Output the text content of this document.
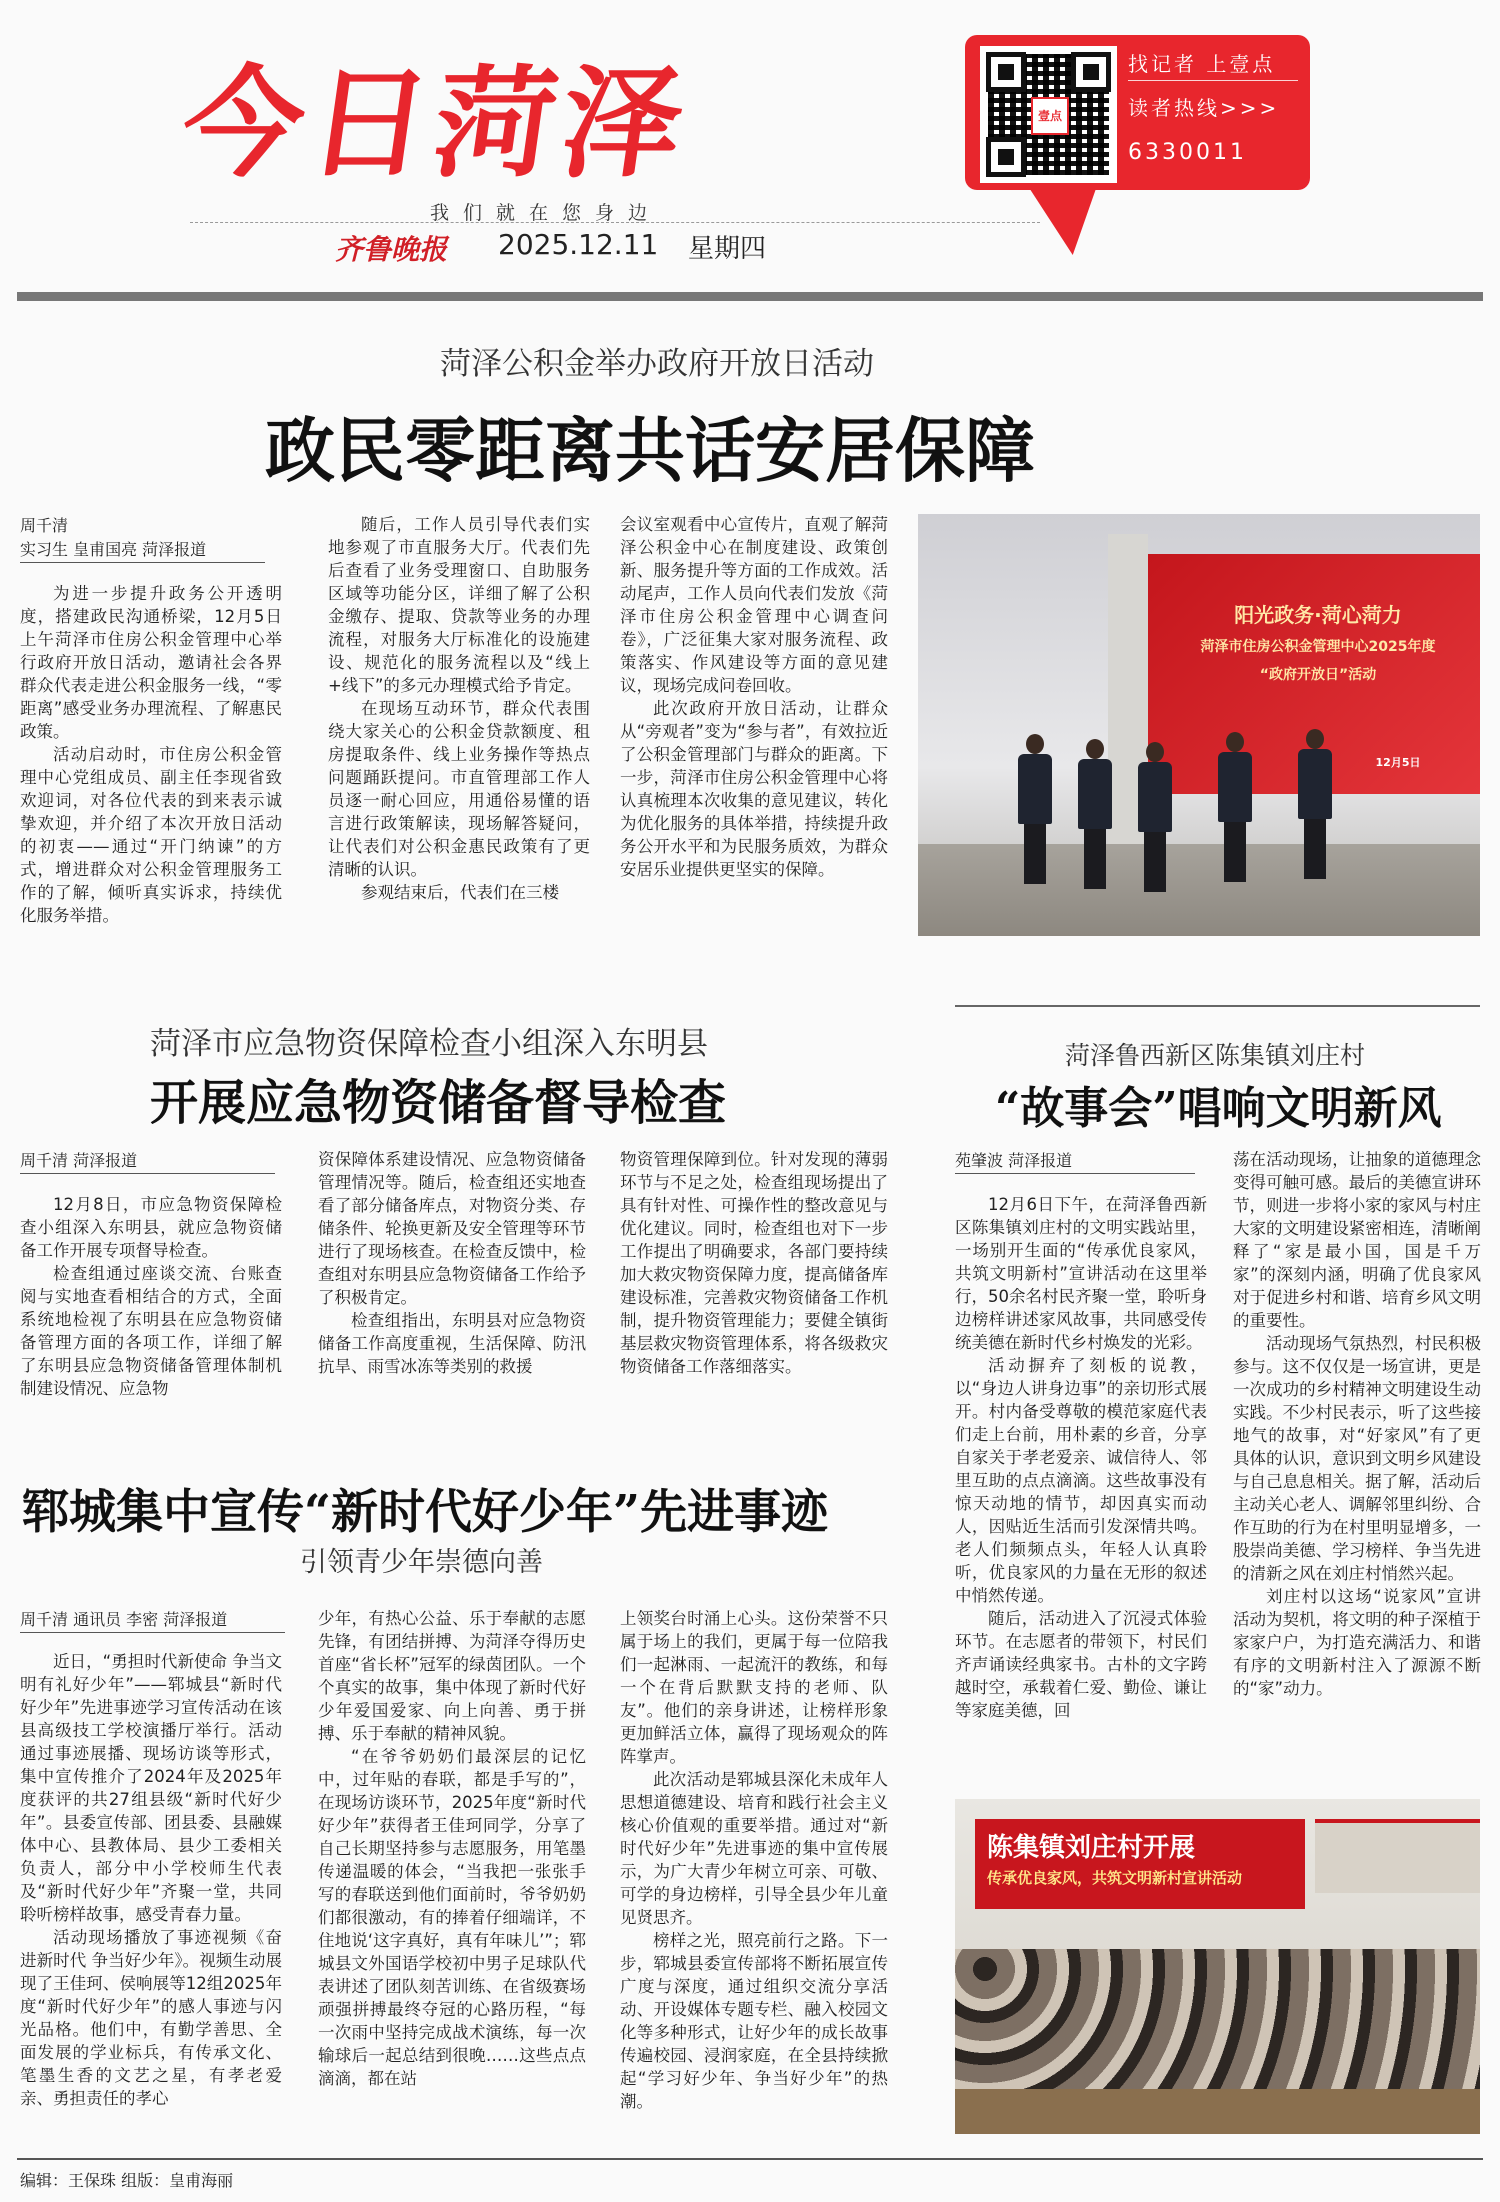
今日菏泽
我们就在您身边
齐鲁晚报 2025.12.11 星期四
壹点
找记者 上壹点
读者热线>>>
6330011
菏泽公积金举办政府开放日活动
政民零距离共话安居保障
周千清
实习生 皇甫国亮 菏泽报道

为进一步提升政务公开透明度，搭建政民沟通桥梁，12月5日上午菏泽市住房公积金管理中心举行政府开放日活动，邀请社会各界群众代表走进公积金服务一线，“零距离”感受业务办理流程、了解惠民政策。

活动启动时，市住房公积金管理中心党组成员、副主任李现省致欢迎词，对各位代表的到来表示诚挚欢迎，并介绍了本次开放日活动的初衷——通过“开门纳谏”的方式，增进群众对公积金管理服务工作的了解，倾听真实诉求，持续优化服务举措。

随后，工作人员引导代表们实地参观了市直服务大厅。代表们先后查看了业务受理窗口、自助服务区域等功能分区，详细了解了公积金缴存、提取、贷款等业务的办理流程，对服务大厅标准化的设施建设、规范化的服务流程以及“线上+线下”的多元办理模式给予肯定。

在现场互动环节，群众代表围绕大家关心的公积金贷款额度、租房提取条件、线上业务操作等热点问题踊跃提问。市直管理部工作人员逐一耐心回应，用通俗易懂的语言进行政策解读，现场解答疑问，让代表们对公积金惠民政策有了更清晰的认识。

参观结束后，代表们在三楼

会议室观看中心宣传片，直观了解菏泽公积金中心在制度建设、政策创新、服务提升等方面的工作成效。活动尾声，工作人员向代表们发放《菏泽市住房公积金管理中心调查问卷》，广泛征集大家对服务流程、政策落实、作风建设等方面的意见建议，现场完成问卷回收。

此次政府开放日活动，让群众从“旁观者”变为“参与者”，有效拉近了公积金管理部门与群众的距离。下一步，菏泽市住房公积金管理中心将认真梳理本次收集的意见建议，转化为优化服务的具体举措，持续提升政务公开水平和为民服务质效，为群众安居乐业提供更坚实的保障。

阳光政务·菏心菏力
菏泽市住房公积金管理中心2025年度
“政府开放日”活动
12月5日
菏泽市应急物资保障检查小组深入东明县
开展应急物资储备督导检查
周千清 菏泽报道

12月8日，市应急物资保障检查小组深入东明县，就应急物资储备工作开展专项督导检查。

检查组通过座谈交流、台账查阅与实地查看相结合的方式，全面系统地检视了东明县在应急物资储备管理方面的各项工作，详细了解了东明县应急物资储备管理体制机制建设情况、应急物

资保障体系建设情况、应急物资储备管理情况等。随后，检查组还实地查看了部分储备库点，对物资分类、存储条件、轮换更新及安全管理等环节进行了现场核查。在检查反馈中，检查组对东明县应急物资储备工作给予了积极肯定。

检查组指出，东明县对应急物资储备工作高度重视，生活保障、防汛抗旱、雨雪冰冻等类别的救援

物资管理保障到位。针对发现的薄弱环节与不足之处，检查组现场提出了具有针对性、可操作性的整改意见与优化建议。同时，检查组也对下一步工作提出了明确要求，各部门要持续加大救灾物资保障力度，提高储备库建设标准，完善救灾物资储备工作机制，提升物资管理能力；要健全镇街基层救灾物资管理体系，将各级救灾物资储备工作落细落实。

菏泽鲁西新区陈集镇刘庄村
“故事会”唱响文明新风
苑肇波 菏泽报道

12月6日下午，在菏泽鲁西新区陈集镇刘庄村的文明实践站里，一场别开生面的“传承优良家风，共筑文明新村”宣讲活动在这里举行，50余名村民齐聚一堂，聆听身边榜样讲述家风故事，共同感受传统美德在新时代乡村焕发的光彩。

活动摒弃了刻板的说教，以“身边人讲身边事”的亲切形式展开。村内备受尊敬的模范家庭代表们走上台前，用朴素的乡音，分享自家关于孝老爱亲、诚信待人、邻里互助的点点滴滴。这些故事没有惊天动地的情节，却因真实而动人，因贴近生活而引发深情共鸣。老人们频频点头，年轻人认真聆听，优良家风的力量在无形的叙述中悄然传递。

随后，活动进入了沉浸式体验环节。在志愿者的带领下，村民们齐声诵读经典家书。古朴的文字跨越时空，承载着仁爱、勤俭、谦让等家庭美德，回

荡在活动现场，让抽象的道德理念变得可触可感。最后的美德宣讲环节，则进一步将小家的家风与村庄大家的文明建设紧密相连，清晰阐释了“家是最小国，国是千万家”的深刻内涵，明确了优良家风对于促进乡村和谐、培育乡风文明的重要性。

活动现场气氛热烈，村民积极参与。这不仅仅是一场宣讲，更是一次成功的乡村精神文明建设生动实践。不少村民表示，听了这些接地气的故事，对“好家风”有了更具体的认识，意识到文明乡风建设与自己息息相关。据了解，活动后主动关心老人、调解邻里纠纷、合作互助的行为在村里明显增多，一股崇尚美德、学习榜样、争当先进的清新之风在刘庄村悄然兴起。

刘庄村以这场“说家风”宣讲活动为契机，将文明的种子深植于家家户户，为打造充满活力、和谐有序的文明新村注入了源源不断的“家”动力。

陈集镇刘庄村开展
传承优良家风，共筑文明新村宣讲活动
郓城集中宣传“新时代好少年”先进事迹
引领青少年崇德向善
周千清 通讯员 李密 菏泽报道

近日，“勇担时代新使命 争当文明有礼好少年”——郓城县“新时代好少年”先进事迹学习宣传活动在该县高级技工学校演播厅举行。活动通过事迹展播、现场访谈等形式，集中宣传推介了2024年及2025年度获评的共27组县级“新时代好少年”。县委宣传部、团县委、县融媒体中心、县教体局、县少工委相关负责人，部分中小学校师生代表及“新时代好少年”齐聚一堂，共同聆听榜样故事，感受青春力量。

活动现场播放了事迹视频《奋进新时代 争当好少年》。视频生动展现了王佳珂、侯响展等12组2025年度“新时代好少年”的感人事迹与闪光品格。他们中，有勤学善思、全面发展的学业标兵，有传承文化、笔墨生香的文艺之星，有孝老爱亲、勇担责任的孝心

少年，有热心公益、乐于奉献的志愿先锋，有团结拼搏、为菏泽夺得历史首座“省长杯”冠军的绿茵团队。一个个真实的故事，集中体现了新时代好少年爱国爱家、向上向善、勇于拼搏、乐于奉献的精神风貌。

“在爷爷奶奶们最深层的记忆中，过年贴的春联，都是手写的”，在现场访谈环节，2025年度“新时代好少年”获得者王佳珂同学，分享了自己长期坚持参与志愿服务，用笔墨传递温暖的体会，“当我把一张张手写的春联送到他们面前时，爷爷奶奶们都很激动，有的捧着仔细端详，不住地说‘这字真好，真有年味儿’”；郓城县文外国语学校初中男子足球队代表讲述了团队刻苦训练、在省级赛场顽强拼搏最终夺冠的心路历程，“每一次雨中坚持完成战术演练，每一次输球后一起总结到很晚……这些点点滴滴，都在站

上领奖台时涌上心头。这份荣誉不只属于场上的我们，更属于每一位陪我们一起淋雨、一起流汗的教练，和每一个在背后默默支持的老师、队友”。他们的亲身讲述，让榜样形象更加鲜活立体，赢得了现场观众的阵阵掌声。

此次活动是郓城县深化未成年人思想道德建设、培育和践行社会主义核心价值观的重要举措。通过对“新时代好少年”先进事迹的集中宣传展示，为广大青少年树立可亲、可敬、可学的身边榜样，引导全县少年儿童见贤思齐。

榜样之光，照亮前行之路。下一步，郓城县委宣传部将不断拓展宣传广度与深度，通过组织交流分享活动、开设媒体专题专栏、融入校园文化等多种形式，让好少年的成长故事传遍校园、浸润家庭，在全县持续掀起“学习好少年、争当好少年”的热潮。

编辑：王保珠 组版：皇甫海丽
